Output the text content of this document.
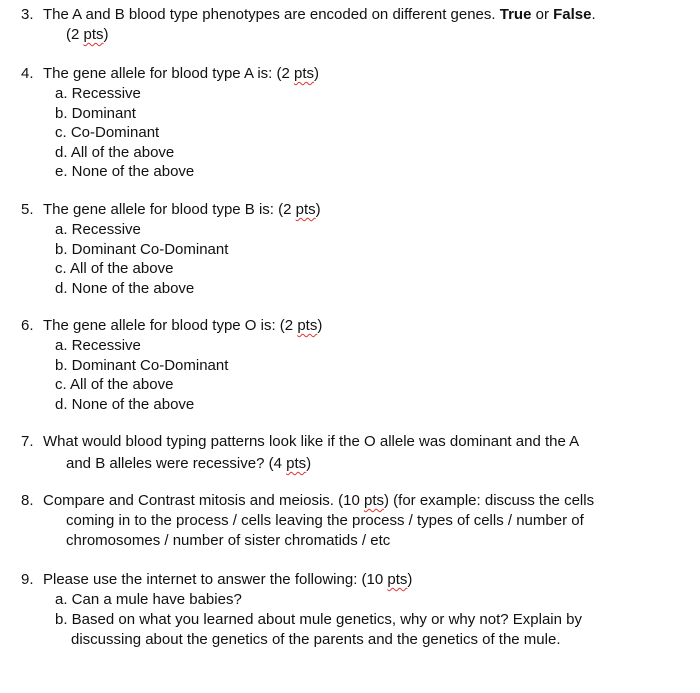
3. The A and B blood type phenotypes are encoded on different genes. True or False.
(2 pts)
4. The gene allele for blood type A is: (2 pts)
a. Recessive
b. Dominant
c. Co-Dominant
d. All of the above
e. None of the above
5. The gene allele for blood type B is: (2 pts)
a. Recessive
b. Dominant Co-Dominant
c. All of the above
d. None of the above
6. The gene allele for blood type O is: (2 pts)
a. Recessive
b. Dominant Co-Dominant
c. All of the above
d. None of the above
7. What would blood typing patterns look like if the O allele was dominant and the A
and B alleles were recessive? (4 pts)
8. Compare and Contrast mitosis and meiosis. (10 pts) (for example: discuss the cells
coming in to the process / cells leaving the process / types of cells / number of
chromosomes / number of sister chromatids / etc
9. Please use the internet to answer the following: (10 pts)
a. Can a mule have babies?
b. Based on what you learned about mule genetics, why or why not? Explain by
discussing about the genetics of the parents and the genetics of the mule.
